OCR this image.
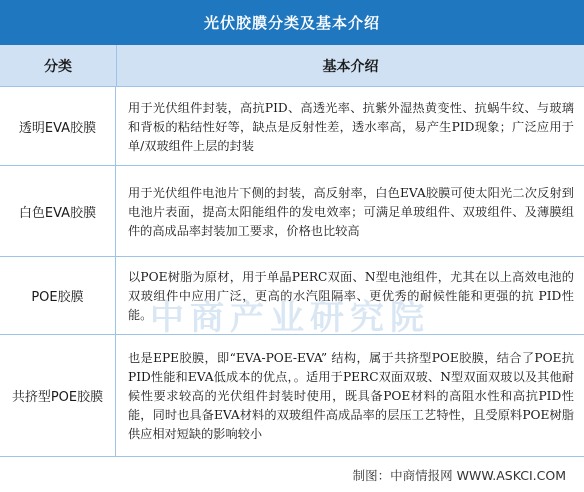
光伏胶膜分类及基本介绍
分类	基本介绍
透明EVA胶膜
用于光伏组件封装，高抗PID、高透光率、抗紫外湿热黄变性、抗蜗牛纹、与玻璃和背板的粘结性好等，缺点是反射性差，透水率高，易产生PID现象；广泛应用于单/双玻组件上层的封装
白色EVA胶膜
用于光伏组件电池片下侧的封装，高反射率，白色EVA胶膜可使太阳光二次反射到电池片表面，提高太阳能组件的发电效率；可满足单玻组件、双玻组件、及薄膜组件的高成品率封装加工要求，价格也比较高
POE胶膜
以POE树脂为原材，用于单晶PERC双面、N型电池组件，尤其在以上高效电池的双玻组件中应用广泛，更高的水汽阻隔率、更优秀的耐候性能和更强的抗 PID性能。
共挤型POE胶膜
也是EPE胶膜，即“EVA-POE-EVA” 结构，属于共挤型POE胶膜，结合了POE抗PID性能和EVA低成本的优点，。适用于PERC双面双玻、N型双面双玻以及其他耐候性要求较高的光伏组件封装时使用，既具备POE材料的高阻水性和高抗PID性能，同时也具备EVA材料的双玻组件高成品率的层压工艺特性，且受原料POE树脂供应相对短缺的影响较小
中商产业研究院
制图：中商情报网 WWW.ASKCI.COM
